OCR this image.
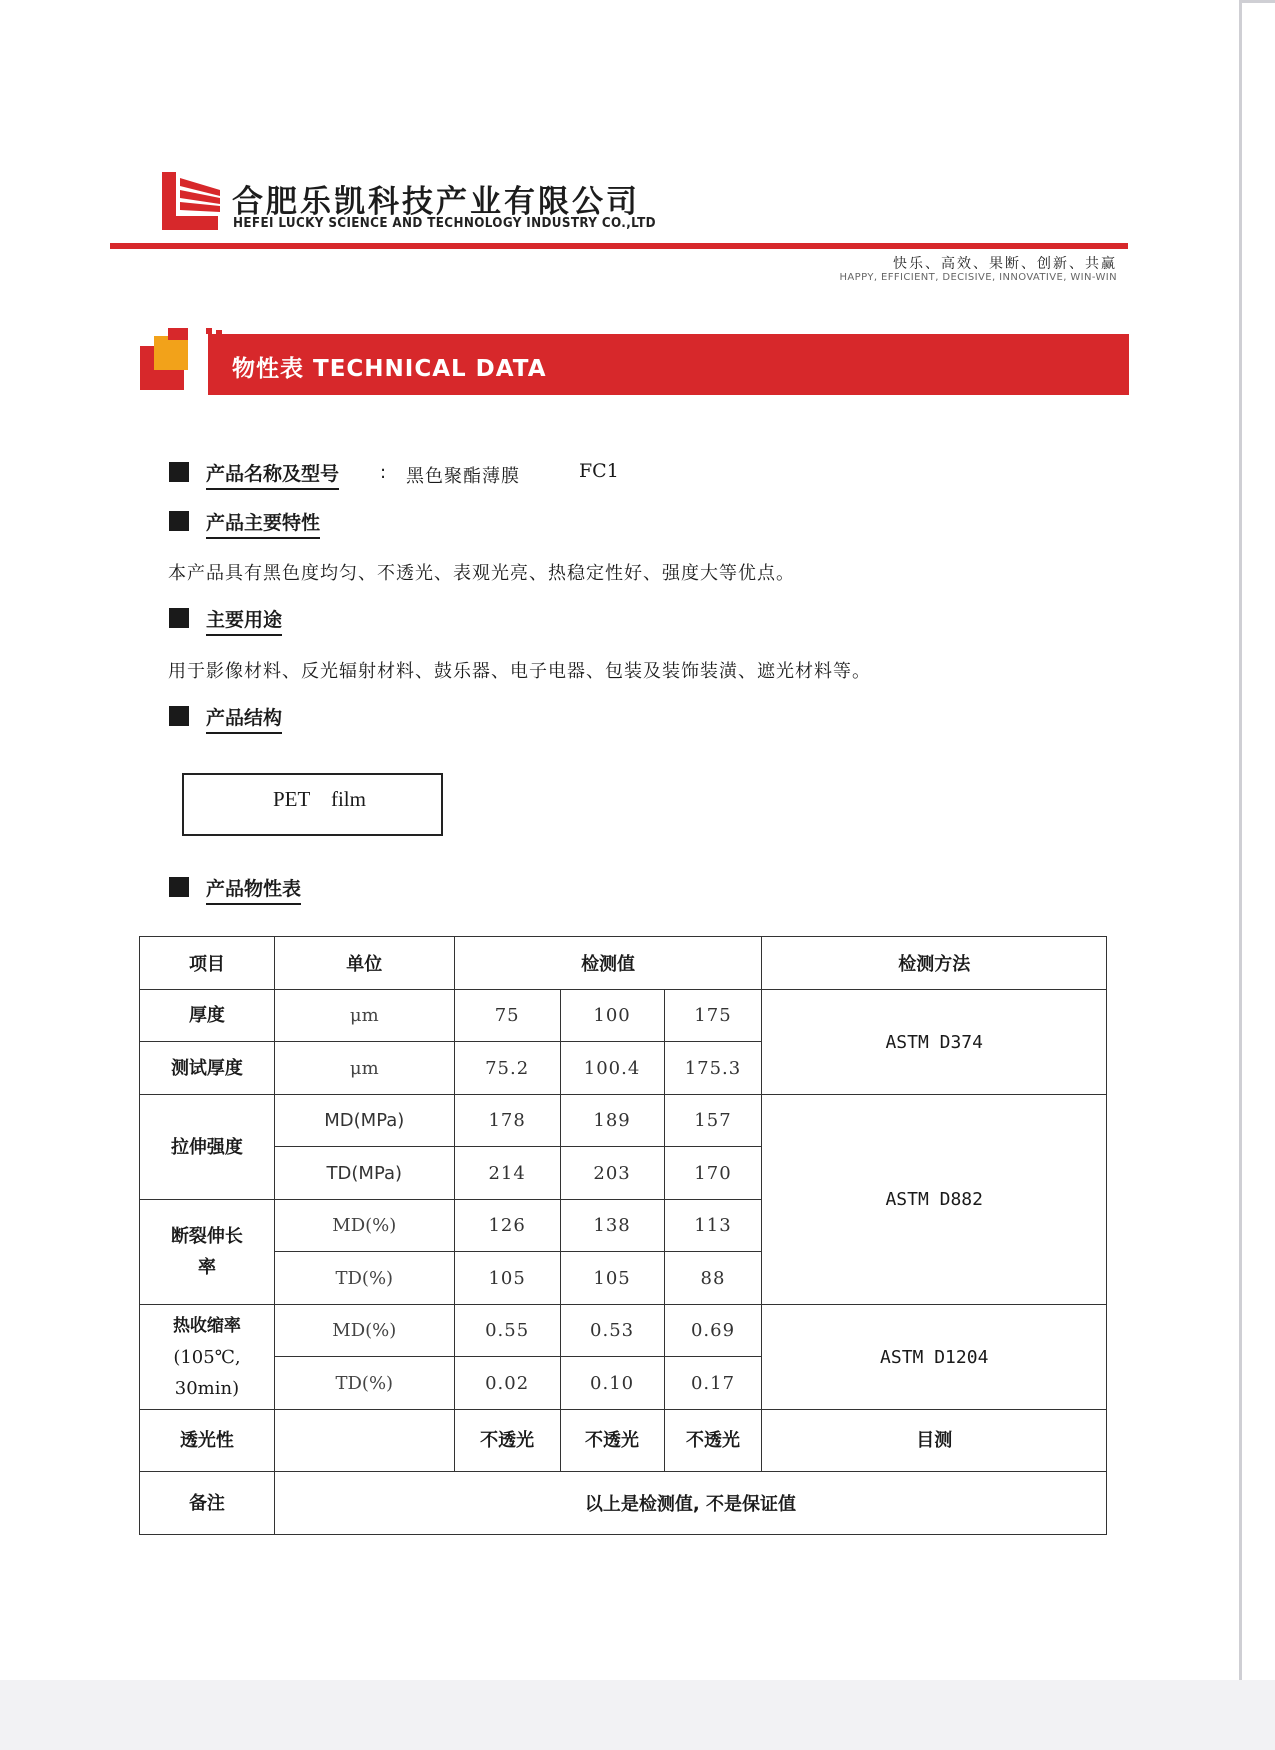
合肥乐凯科技产业有限公司
HEFEI LUCKY SCIENCE AND TECHNOLOGY INDUSTRY CO.,LTD
快乐、高效、果断、创新、共赢
HAPPY, EFFICIENT, DECISIVE, INNOVATIVE, WIN-WIN
物性表 TECHNICAL DATA
产品名称及型号 : 黑色聚酯薄膜	FC1
产品主要特性
本产品具有黑色度均匀、不透光、表观光亮、热稳定性好、强度大等优点。
主要用途
用于影像材料、反光辐射材料、鼓乐器、电子电器、包装及装饰装潢、遮光材料等。
产品结构
PET    film
产品物性表
项目	单位	检测值			检测方法
厚度	μm	75	100	175	ASTM D374
测试厚度	μm	75.2	100.4	175.3	
拉伸强度	MD(MPa)	178	189	157	ASTM D882
	TD(MPa)	214	203	170	

断裂伸长
率	MD(%)	126	138	113	
	TD(%)	105	105	88	

热收缩率
(105℃,
30min)	MD(%)	0.55	0.53	0.69	ASTM D1204
	TD(%)	0.02	0.10	0.17	
透光性		不透光	不透光	不透光	目测
备注	以上是检测值, 不是保证值				
